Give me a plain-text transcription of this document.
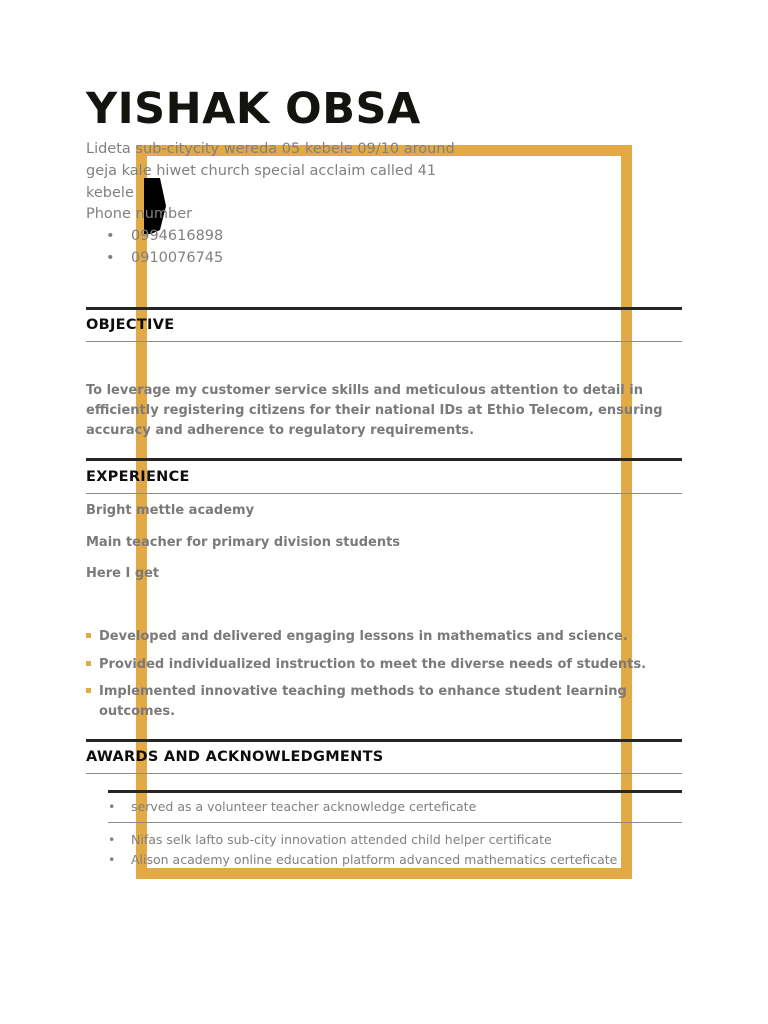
YISHAK OBSA

Lideta sub-citycity wereda 05 kebele 09/10 around geja kale hiwet church special acclaim called 41 kebele

Phone number

• 0994616898
• 0910076745
OBJECTIVE

To leverage my customer service skills and meticulous attention to detail in efficiently registering citizens for their national IDs at Ethio Telecom, ensuring accuracy and adherence to regulatory requirements.

EXPERIENCE

Bright mettle academy

Main teacher for primary division students

Here I get

Developed and delivered engaging lessons in mathematics and science.
Provided individualized instruction to meet the diverse needs of students.
Implemented innovative teaching methods to enhance student learning outcomes.
AWARDS AND ACKNOWLEDGMENTS

• served as a volunteer teacher acknowledge certeficate

• Nifas selk lafto sub-city innovation attended child helper certificate

• Alison academy online education platform advanced mathematics certeficate
